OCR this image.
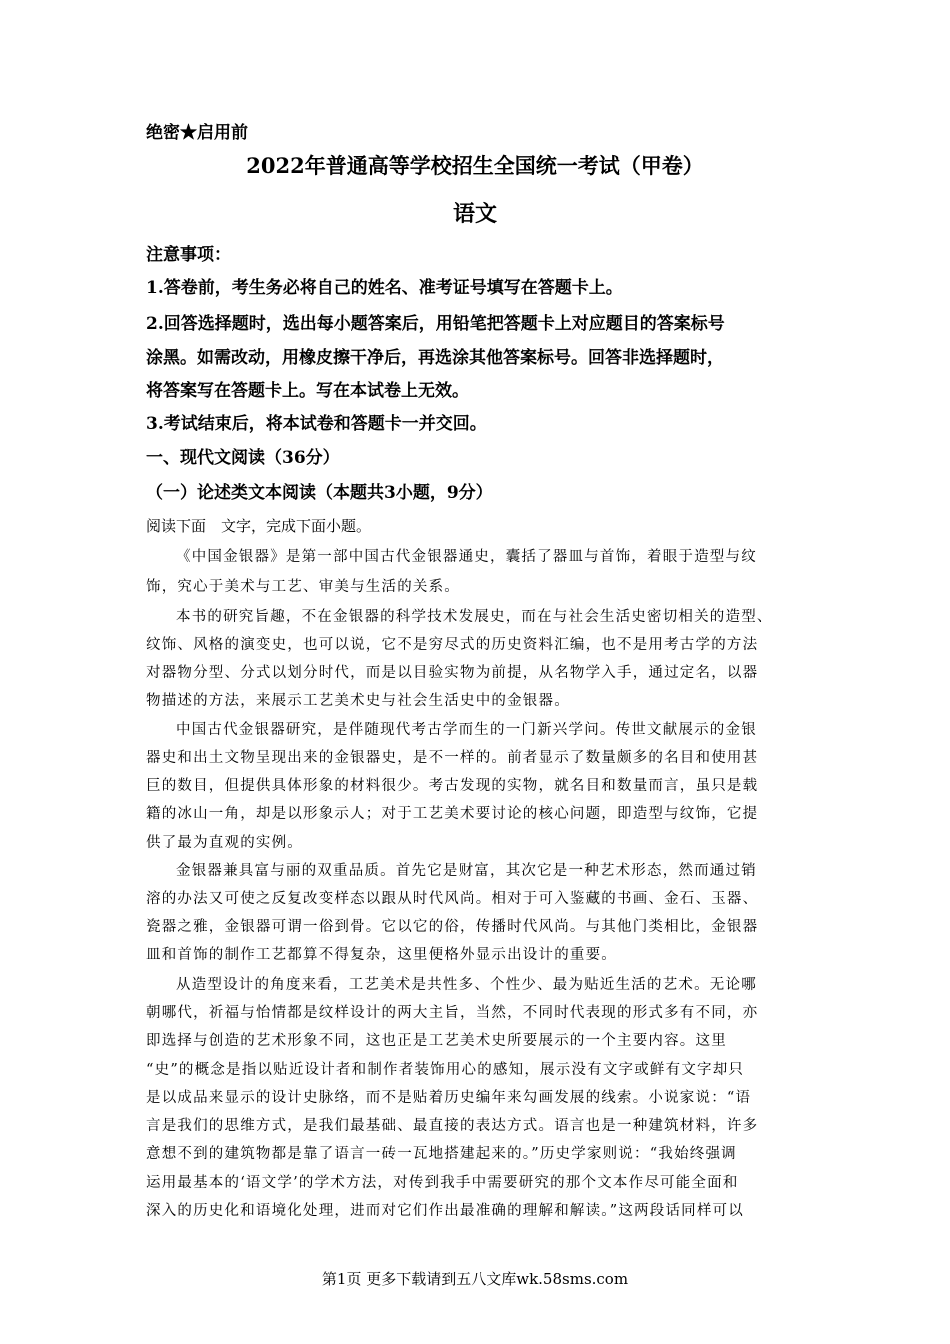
绝密★启用前
2022年普通高等学校招生全国统一考试（甲卷）
语文
注意事项：
1.答卷前，考生务必将自己的姓名、准考证号填写在答题卡上。
2.回答选择题时，选出每小题答案后，用铅笔把答题卡上对应题目的答案标号
涂黑。如需改动，用橡皮擦干净后，再选涂其他答案标号。回答非选择题时，
将答案写在答题卡上。写在本试卷上无效。
3.考试结束后，将本试卷和答题卡一并交回。
一、现代文阅读（36分）
（一）论述类文本阅读（本题共3小题，9分）
阅读下面　文字，完成下面小题。
《中国金银器》是第一部中国古代金银器通史，囊括了器皿与首饰，着眼于造型与纹
饰，究心于美术与工艺、审美与生活的关系。
本书的研究旨趣，不在金银器的科学技术发展史，而在与社会生活史密切相关的造型、
纹饰、风格的演变史，也可以说，它不是穷尽式的历史资料汇编，也不是用考古学的方法
对器物分型、分式以划分时代，而是以目验实物为前提，从名物学入手，通过定名，以器
物描述的方法，来展示工艺美术史与社会生活史中的金银器。
中国古代金银器研究，是伴随现代考古学而生的一门新兴学问。传世文献展示的金银
器史和出土文物呈现出来的金银器史，是不一样的。前者显示了数量颇多的名目和使用甚
巨的数目，但提供具体形象的材料很少。考古发现的实物，就名目和数量而言，虽只是载
籍的冰山一角，却是以形象示人；对于工艺美术要讨论的核心问题，即造型与纹饰，它提
供了最为直观的实例。
金银器兼具富与丽的双重品质。首先它是财富，其次它是一种艺术形态，然而通过销
溶的办法又可使之反复改变样态以跟从时代风尚。相对于可入鉴藏的书画、金石、玉器、
瓷器之雅，金银器可谓一俗到骨。它以它的俗，传播时代风尚。与其他门类相比，金银器
皿和首饰的制作工艺都算不得复杂，这里便格外显示出设计的重要。
从造型设计的角度来看，工艺美术是共性多、个性少、最为贴近生活的艺术。无论哪
朝哪代，祈福与怡情都是纹样设计的两大主旨，当然，不同时代表现的形式多有不同，亦
即选择与创造的艺术形象不同，这也正是工艺美术史所要展示的一个主要内容。这里
“史”的概念是指以贴近设计者和制作者装饰用心的感知，展示没有文字或鲜有文字却只
是以成品来显示的设计史脉络，而不是贴着历史编年来勾画发展的线索。小说家说：“语
言是我们的思维方式，是我们最基础、最直接的表达方式。语言也是一种建筑材料，许多
意想不到的建筑物都是靠了语言一砖一瓦地搭建起来的。”历史学家则说：“我始终强调
运用最基本的‘语文学’的学术方法，对传到我手中需要研究的那个文本作尽可能全面和
深入的历史化和语境化处理，进而对它们作出最准确的理解和解读。”这两段话同样可以
第1页 更多下载请到五八文库wk.58sms.com
